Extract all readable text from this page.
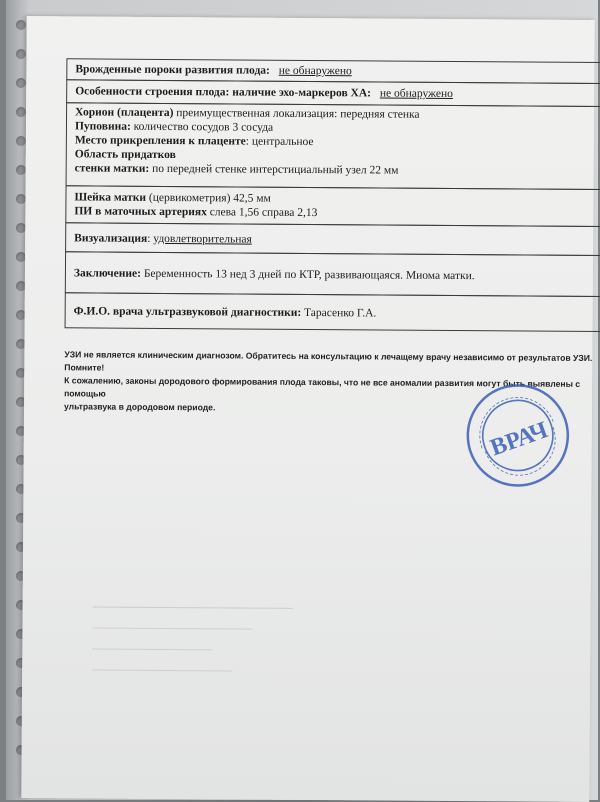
Врожденные пороки развития плода: не обнаружено
Особенности строения плода: наличие эхо-маркеров ХА: не обнаружено
Хорион (плацента) преимущественная локализация: передняя стенка
Пуповина: количество сосудов 3 сосуда
Место прикрепления к плаценте: центральное
Область придатков
стенки матки: по передней стенке интерстициальный узел 22 мм
Шейка матки (цервикометрия) 42,5 мм
ПИ в маточных артериях слева 1,56 справа 2,13
Визуализация: удовлетворительная
Заключение: Беременность 13 нед 3 дней по КТР, развивающаяся. Миома матки.
Ф.И.О. врача ультразвуковой диагностики: Тарасенко Г.А.
УЗИ не является клиническим диагнозом. Обратитесь на консультацию к лечащему врачу независимо от результатов УЗИ. Помните!
К сожалению, законы дородового формирования плода таковы, что не все аномалии развития могут быть выявлены с помощью
ультразвука в дородовом периоде.
ВРАЧ
